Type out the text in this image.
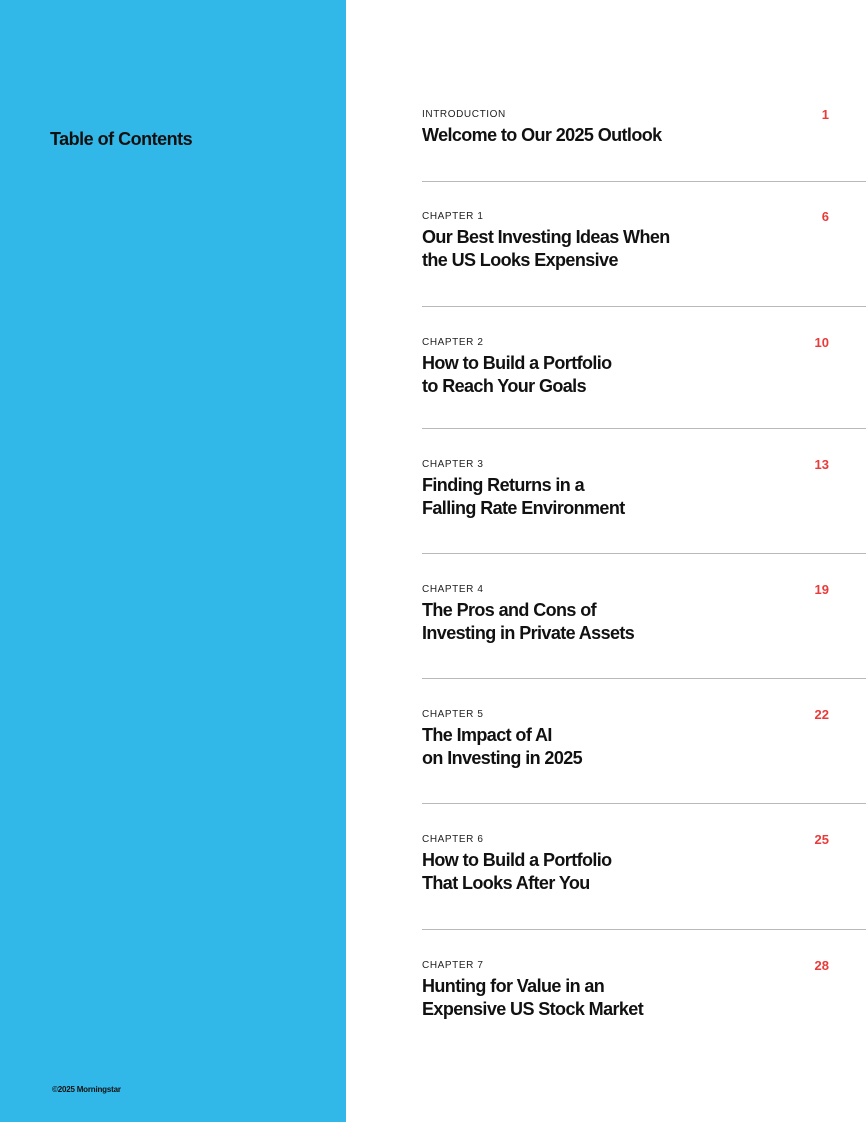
Table of Contents
©2025 Morningstar
INTRODUCTION	1
Welcome to Our 2025 Outlook
CHAPTER 1	6
Our Best Investing Ideas When
the US Looks Expensive
CHAPTER 2	10
How to Build a Portfolio
to Reach Your Goals
CHAPTER 3	13
Finding Returns in a
Falling Rate Environment
CHAPTER 4	19
The Pros and Cons of
Investing in Private Assets
CHAPTER 5	22
The Impact of AI
on Investing in 2025
CHAPTER 6	25
How to Build a Portfolio
That Looks After You
CHAPTER 7	28
Hunting for Value in an
Expensive US Stock Market
